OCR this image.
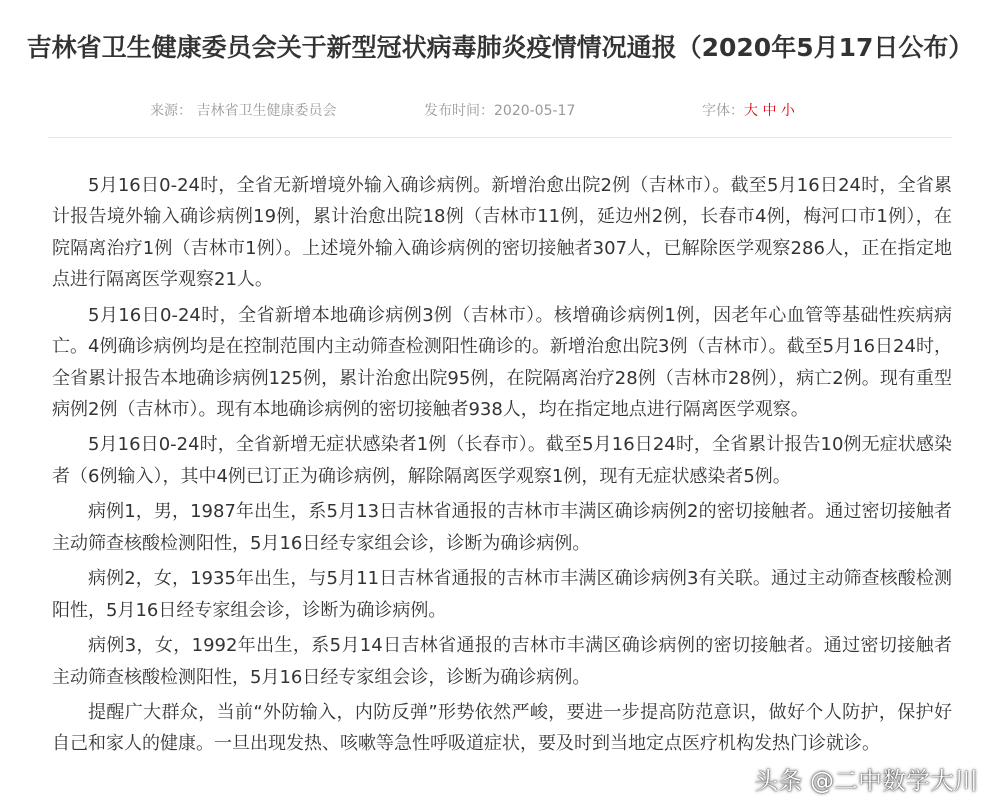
吉林省卫生健康委员会关于新型冠状病毒肺炎疫情情况通报（2020年5月17日公布）
来源： 吉林省卫生健康委员会	发布时间：2020-05-17	字体：大 中 小

5月16日0-24时，全省无新增境外输入确诊病例。新增治愈出院2例（吉林市）。截至5月16日24时，全省累计报告境外输入确诊病例19例，累计治愈出院18例（吉林市11例，延边州2例，长春市4例，梅河口市1例），在院隔离治疗1例（吉林市1例）。上述境外输入确诊病例的密切接触者307人，已解除医学观察286人，正在指定地点进行隔离医学观察21人。

5月16日0-24时，全省新增本地确诊病例3例（吉林市）。核增确诊病例1例，因老年心血管等基础性疾病病亡。4例确诊病例均是在控制范围内主动筛查检测阳性确诊的。新增治愈出院3例（吉林市）。截至5月16日24时，全省累计报告本地确诊病例125例，累计治愈出院95例，在院隔离治疗28例（吉林市28例），病亡2例。现有重型病例2例（吉林市）。现有本地确诊病例的密切接触者938人，均在指定地点进行隔离医学观察。

5月16日0-24时，全省新增无症状感染者1例（长春市）。截至5月16日24时，全省累计报告10例无症状感染者（6例输入），其中4例已订正为确诊病例，解除隔离医学观察1例，现有无症状感染者5例。

病例1，男，1987年出生，系5月13日吉林省通报的吉林市丰满区确诊病例2的密切接触者。通过密切接触者主动筛查核酸检测阳性，5月16日经专家组会诊，诊断为确诊病例。

病例2，女，1935年出生，与5月11日吉林省通报的吉林市丰满区确诊病例3有关联。通过主动筛查核酸检测阳性，5月16日经专家组会诊，诊断为确诊病例。

病例3，女，1992年出生，系5月14日吉林省通报的吉林市丰满区确诊病例的密切接触者。通过密切接触者主动筛查核酸检测阳性，5月16日经专家组会诊，诊断为确诊病例。

提醒广大群众，当前“外防输入，内防反弹”形势依然严峻，要进一步提高防范意识，做好个人防护，保护好自己和家人的健康。一旦出现发热、咳嗽等急性呼吸道症状，要及时到当地定点医疗机构发热门诊就诊。

头条 @二中数学大川
